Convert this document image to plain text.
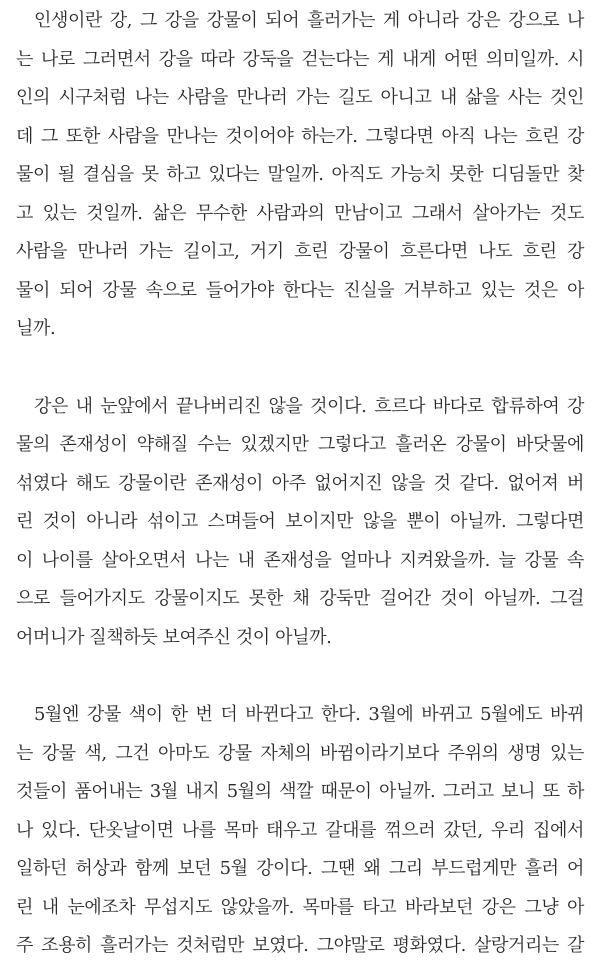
인생이란 강, 그 강을 강물이 되어 흘러가는 게 아니라 강은 강으로 나
는 나로 그러면서 강을 따라 강둑을 걷는다는 게 내게 어떤 의미일까. 시
인의 시구처럼 나는 사람을 만나러 가는 길도 아니고 내 삶을 사는 것인
데 그 또한 사람을 만나는 것이어야 하는가. 그렇다면 아직 나는 흐린 강
물이 될 결심을 못 하고 있다는 말일까. 아직도 가능치 못한 디딤돌만 찾
고 있는 것일까. 삶은 무수한 사람과의 만남이고 그래서 살아가는 것도
사람을 만나러 가는 길이고, 거기 흐린 강물이 흐른다면 나도 흐린 강
물이 되어 강물 속으로 들어가야 한다는 진실을 거부하고 있는 것은 아
닐까.
강은 내 눈앞에서 끝나버리진 않을 것이다. 흐르다 바다로 합류하여 강
물의 존재성이 약해질 수는 있겠지만 그렇다고 흘러온 강물이 바닷물에
섞였다 해도 강물이란 존재성이 아주 없어지진 않을 것 같다. 없어져 버
린 것이 아니라 섞이고 스며들어 보이지만 않을 뿐이 아닐까. 그렇다면
이 나이를 살아오면서 나는 내 존재성을 얼마나 지켜왔을까. 늘 강물 속
으로 들어가지도 강물이지도 못한 채 강둑만 걸어간 것이 아닐까. 그걸
어머니가 질책하듯 보여주신 것이 아닐까.
5월엔 강물 색이 한 번 더 바뀐다고 한다. 3월에 바뀌고 5월에도 바뀌
는 강물 색, 그건 아마도 강물 자체의 바뀜이라기보다 주위의 생명 있는
것들이 품어내는 3월 내지 5월의 색깔 때문이 아닐까. 그러고 보니 또 하
나 있다. 단옷날이면 나를 목마 태우고 갈대를 꺾으러 갔던, 우리 집에서
일하던 허상과 함께 보던 5월 강이다. 그땐 왜 그리 부드럽게만 흘러 어
린 내 눈에조차 무섭지도 않았을까. 목마를 타고 바라보던 강은 그냥 아
주 조용히 흘러가는 것처럼만 보였다. 그야말로 평화였다. 살랑거리는 갈
